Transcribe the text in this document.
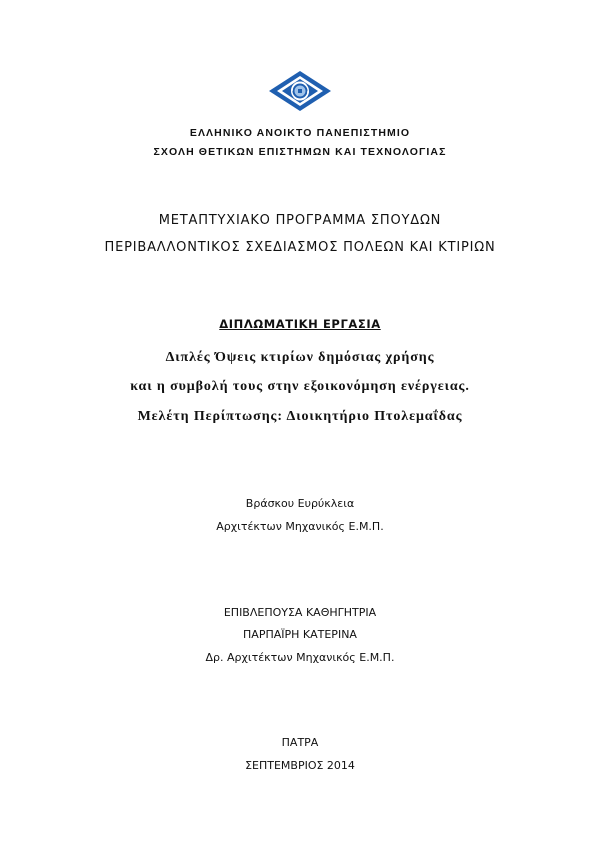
ΕΛΛΗΝΙΚΟ ΑΝΟΙΚΤΟ ΠΑΝΕΠΙΣΤΗΜΙΟ
ΣΧΟΛΗ ΘΕΤΙΚΩΝ ΕΠΙΣΤΗΜΩΝ ΚΑΙ ΤΕΧΝΟΛΟΓΙΑΣ
ΜΕΤΑΠΤΥΧΙΑΚΟ ΠΡΟΓΡΑΜΜΑ ΣΠΟΥΔΩΝ
ΠΕΡΙΒΑΛΛΟΝΤΙΚΟΣ ΣΧΕΔΙΑΣΜΟΣ ΠΟΛΕΩΝ ΚΑΙ ΚΤΙΡΙΩΝ
ΔΙΠΛΩΜΑΤΙΚΗ ΕΡΓΑΣΙΑ
Διπλές Όψεις κτιρίων δημόσιας χρήσης
και η συμβολή τους στην εξοικονόμηση ενέργειας.
Μελέτη Περίπτωσης: Διοικητήριο Πτολεμαΐδας
Βράσκου Ευρύκλεια
Αρχιτέκτων Μηχανικός Ε.Μ.Π.
ΕΠΙΒΛΕΠΟΥΣΑ ΚΑΘΗΓΗΤΡΙΑ
ΠΑΡΠΑΪΡΗ ΚΑΤΕΡΙΝΑ
Δρ. Αρχιτέκτων Μηχανικός Ε.Μ.Π.
ΠΑΤΡΑ
ΣΕΠΤΕΜΒΡΙΟΣ 2014
